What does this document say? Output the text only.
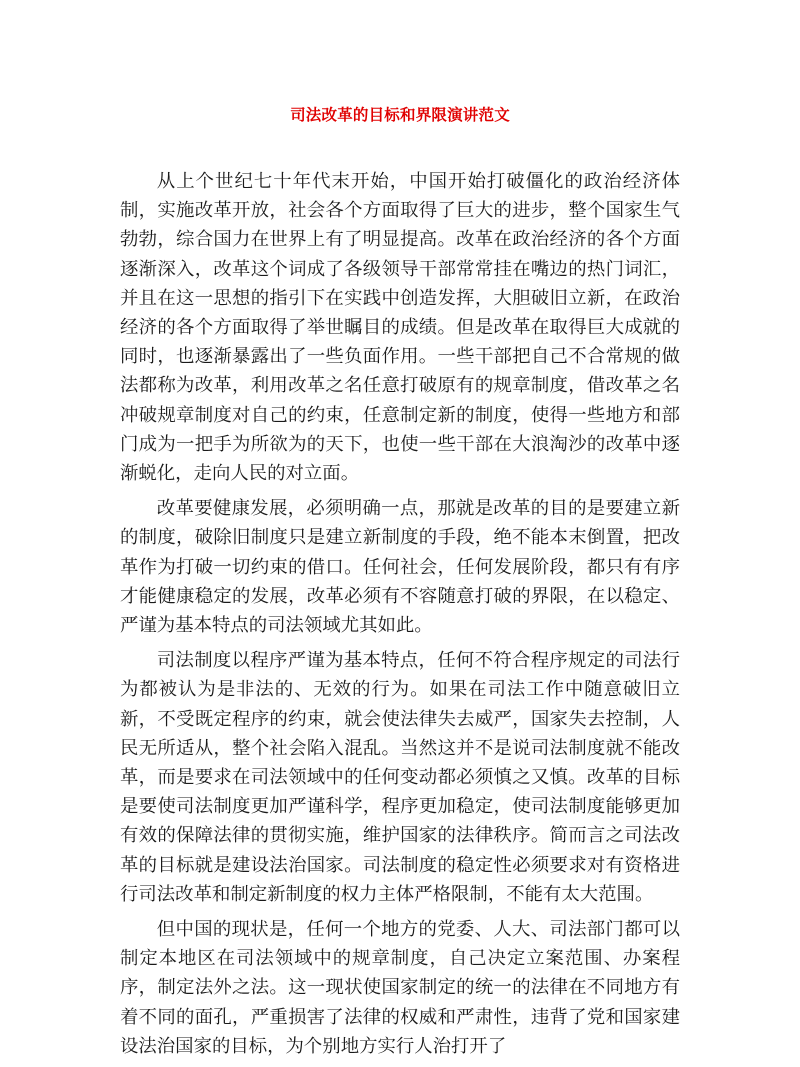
司法改革的目标和界限演讲范文

从上个世纪七十年代末开始，中国开始打破僵化的政治经济体制，实施改革开放，社会各个方面取得了巨大的进步，整个国家生气勃勃，综合国力在世界上有了明显提高。改革在政治经济的各个方面逐渐深入，改革这个词成了各级领导干部常常挂在嘴边的热门词汇，并且在这一思想的指引下在实践中创造发挥，大胆破旧立新，在政治经济的各个方面取得了举世瞩目的成绩。但是改革在取得巨大成就的同时，也逐渐暴露出了一些负面作用。一些干部把自己不合常规的做法都称为改革，利用改革之名任意打破原有的规章制度，借改革之名冲破规章制度对自己的约束，任意制定新的制度，使得一些地方和部门成为一把手为所欲为的天下，也使一些干部在大浪淘沙的改革中逐渐蜕化，走向人民的对立面。

改革要健康发展，必须明确一点，那就是改革的目的是要建立新的制度，破除旧制度只是建立新制度的手段，绝不能本末倒置，把改革作为打破一切约束的借口。任何社会，任何发展阶段，都只有有序才能健康稳定的发展，改革必须有不容随意打破的界限，在以稳定、严谨为基本特点的司法领域尤其如此。

司法制度以程序严谨为基本特点，任何不符合程序规定的司法行为都被认为是非法的、无效的行为。如果在司法工作中随意破旧立新，不受既定程序的约束，就会使法律失去威严，国家失去控制，人民无所适从，整个社会陷入混乱。当然这并不是说司法制度就不能改革，而是要求在司法领域中的任何变动都必须慎之又慎。改革的目标是要使司法制度更加严谨科学，程序更加稳定，使司法制度能够更加有效的保障法律的贯彻实施，维护国家的法律秩序。简而言之司法改革的目标就是建设法治国家。司法制度的稳定性必须要求对有资格进行司法改革和制定新制度的权力主体严格限制，不能有太大范围。

但中国的现状是，任何一个地方的党委、人大、司法部门都可以制定本地区在司法领域中的规章制度，自己决定立案范围、办案程序，制定法外之法。这一现状使国家制定的统一的法律在不同地方有着不同的面孔，严重损害了法律的权威和严肃性，违背了党和国家建设法治国家的目标，为个别地方实行人治打开了
